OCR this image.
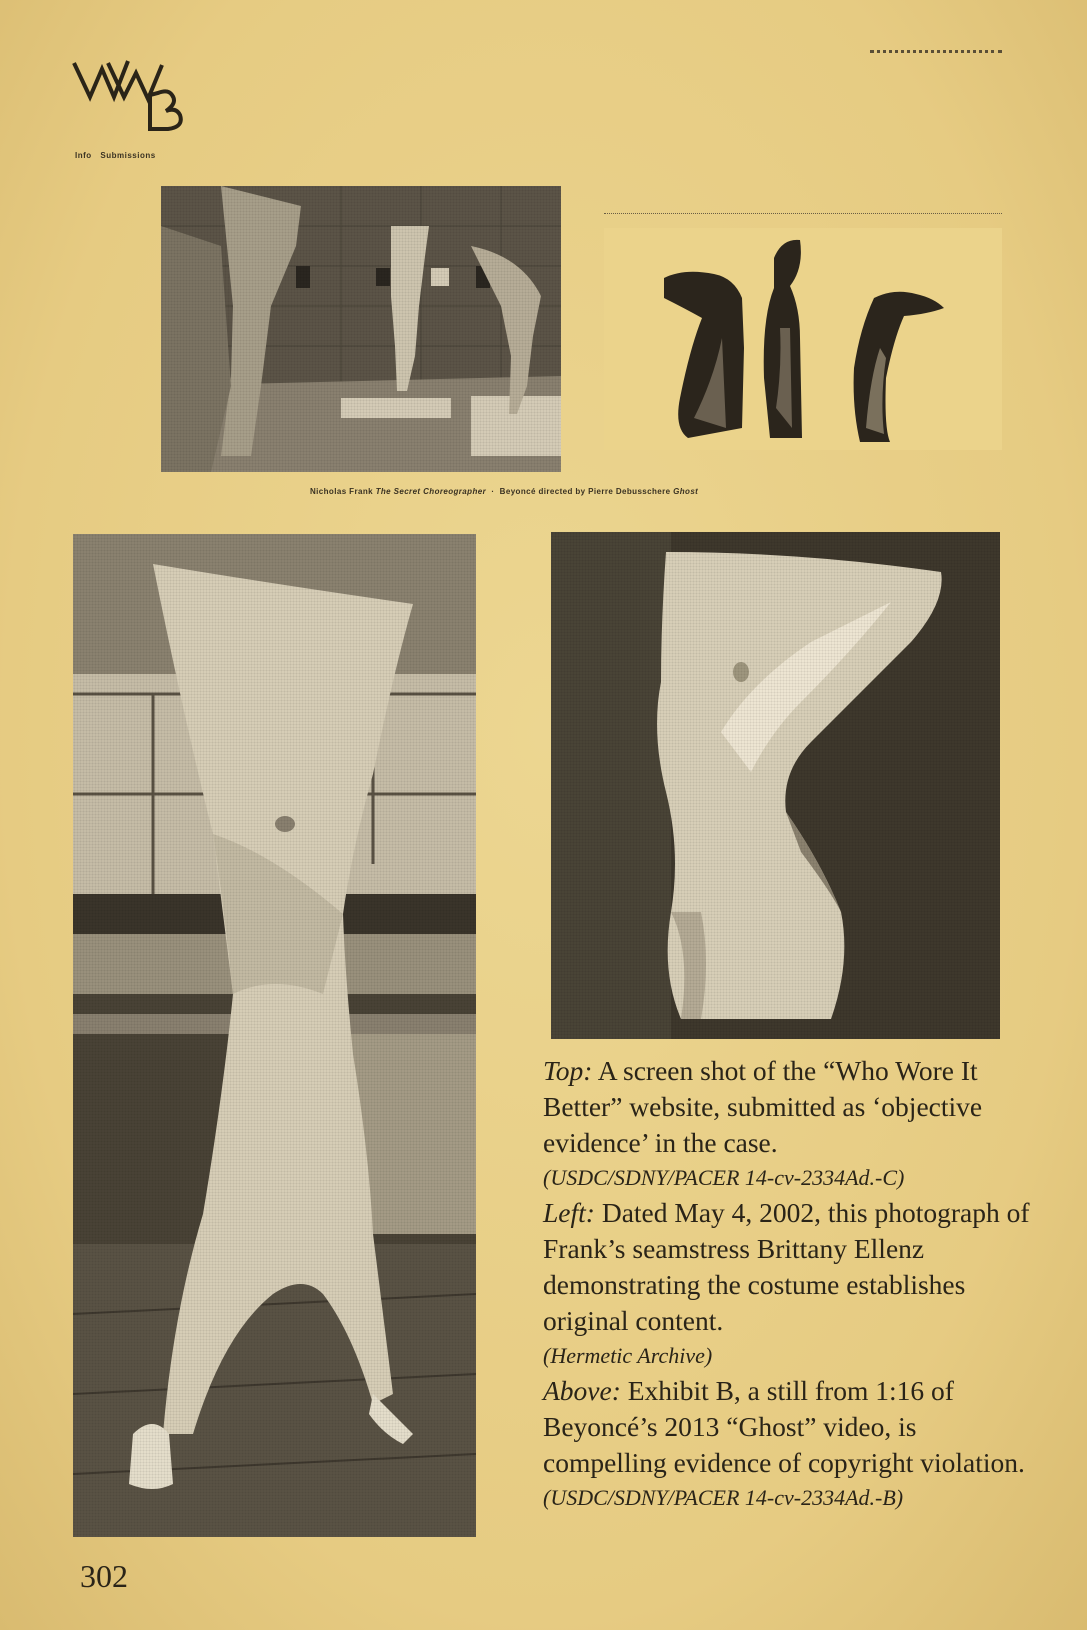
Info Submissions
Nicholas Frank The Secret Choreographer · Beyoncé directed by Pierre Debusschere Ghost

Top: A screen shot of the “Who Wore It Better” website, submitted as ‘objective evidence’ in the case.

(USDC/SDNY/PACER 14-cv-2334Ad.-C)

Left: Dated May 4, 2002, this photograph of Frank’s seamstress Brittany Ellenz demonstrating the costume establishes original content.

(Hermetic Archive)

Above: Exhibit B, a still from 1:16 of Beyoncé’s 2013 “Ghost” video, is compelling evidence of copyright violation.

(USDC/SDNY/PACER 14-cv-2334Ad.-B)

302
